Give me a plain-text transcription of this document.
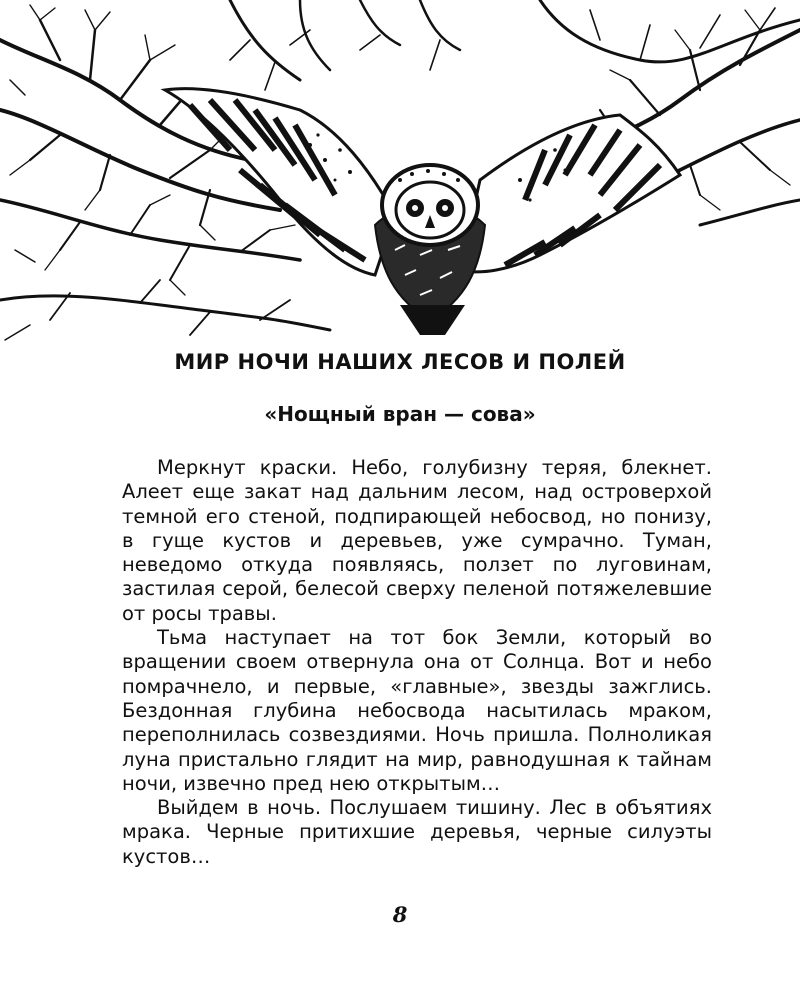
МИР НОЧИ НАШИХ ЛЕСОВ И ПОЛЕЙ
«Нощный вран — сова»

Меркнут краски. Небо, голубизну теряя, блекнет. Алеет еще закат над дальним лесом, над островерхой темной его стеной, подпирающей небосвод, но понизу, в гуще кустов и деревьев, уже сумрачно. Туман, неведомо откуда появляясь, ползет по луговинам, застилая серой, белесой сверху пеленой потяжелевшие от росы травы.

Тьма наступает на тот бок Земли, который во вращении своем отвернула она от Солнца. Вот и небо помрачнело, и первые, «главные», звезды зажглись. Бездонная глубина небосвода насытилась мраком, переполнилась созвездиями. Ночь пришла. Полноликая луна пристально глядит на мир, равнодушная к тайнам ночи, извечно пред нею открытым…

Выйдем в ночь. Послушаем тишину. Лес в объятиях мрака. Черные притихшие деревья, черные силуэты кустов…

8
